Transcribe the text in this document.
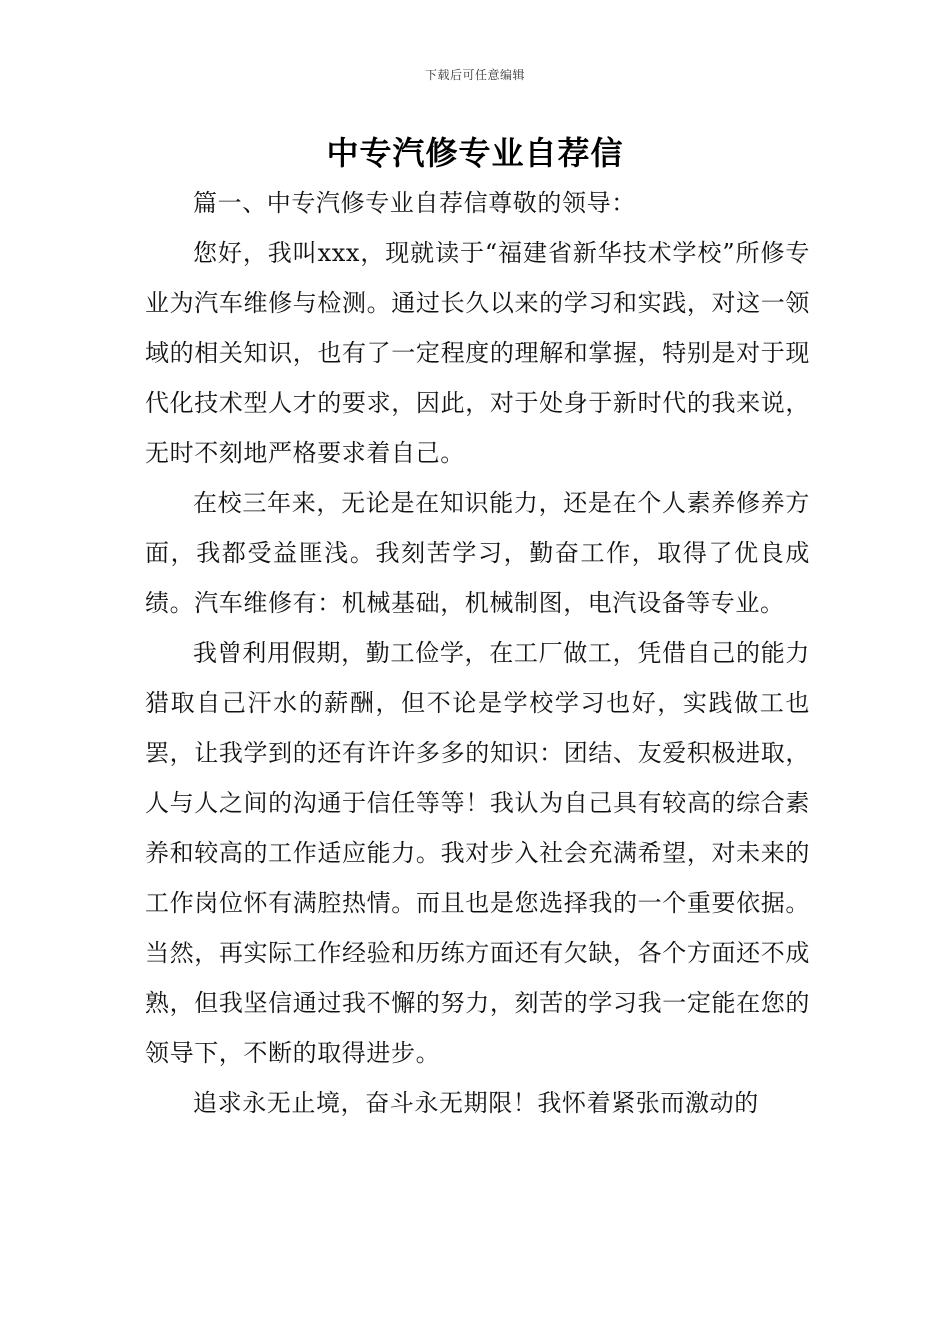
下载后可任意编辑
中专汽修专业自荐信

篇一、中专汽修专业自荐信尊敬的领导：

您好，我叫xxx，现就读于“福建省新华技术学校”所修专业为汽车维修与检测。通过长久以来的学习和实践，对这一领域的相关知识，也有了一定程度的理解和掌握，特别是对于现代化技术型人才的要求，因此，对于处身于新时代的我来说，无时不刻地严格要求着自己。

在校三年来，无论是在知识能力，还是在个人素养修养方面，我都受益匪浅。我刻苦学习，勤奋工作，取得了优良成绩。汽车维修有：机械基础，机械制图，电汽设备等专业。

我曾利用假期，勤工俭学，在工厂做工，凭借自己的能力猎取自己汗水的薪酬，但不论是学校学习也好，实践做工也罢，让我学到的还有许许多多的知识：团结、友爱积极进取，人与人之间的沟通于信任等等！我认为自己具有较高的综合素养和较高的工作适应能力。我对步入社会充满希望，对未来的工作岗位怀有满腔热情。而且也是您选择我的一个重要依据。当然，再实际工作经验和历练方面还有欠缺，各个方面还不成熟，但我坚信通过我不懈的努力，刻苦的学习我一定能在您的领导下，不断的取得进步。

追求永无止境，奋斗永无期限！我怀着紧张而激动的
